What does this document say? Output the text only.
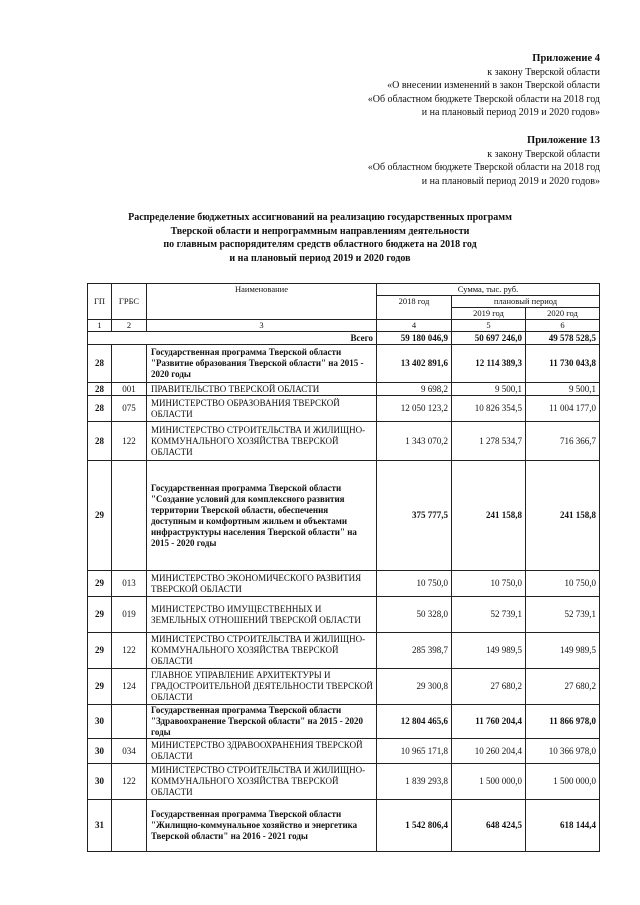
Приложение 4
к закону Тверской области
«О внесении изменений в закон Тверской области
«Об областном бюджете Тверской области на 2018 год
и на плановый период 2019 и 2020 годов»
Приложение 13
к закону Тверской области
«Об областном бюджете Тверской области на 2018 год
и на плановый период 2019 и 2020 годов»
Распределение бюджетных ассигнований на реализацию государственных программ
Тверской области и непрограммным направлениям деятельности
по главным распорядителям средств областного бюджета на 2018 год
и на плановый период 2019 и 2020 годов
ГП	ГРБС	Наименование	Сумма, тыс. руб.		
			2018 год	плановый период	
				2019 год	2020 год
1	2	3	4	5	6
Всего			59 180 046,9	50 697 246,0	49 578 528,5
28		Государственная программа Тверской области "Развитие образования Тверской области" на 2015 - 2020 годы	13 402 891,6	12 114 389,3	11 730 043,8
28	001	ПРАВИТЕЛЬСТВО ТВЕРСКОЙ ОБЛАСТИ	9 698,2	9 500,1	9 500,1
28	075	МИНИСТЕРСТВО ОБРАЗОВАНИЯ ТВЕРСКОЙ ОБЛАСТИ	12 050 123,2	10 826 354,5	11 004 177,0
28	122	МИНИСТЕРСТВО СТРОИТЕЛЬСТВА И ЖИЛИЩНО-КОММУНАЛЬНОГО ХОЗЯЙСТВА ТВЕРСКОЙ ОБЛАСТИ	1 343 070,2	1 278 534,7	716 366,7
29		Государственная программа Тверской области "Создание условий для комплексного развития территории Тверской области, обеспечения доступным и комфортным жильем и объектами инфраструктуры населения Тверской области" на 2015 - 2020 годы	375 777,5	241 158,8	241 158,8
29	013	МИНИСТЕРСТВО ЭКОНОМИЧЕСКОГО РАЗВИТИЯ ТВЕРСКОЙ ОБЛАСТИ	10 750,0	10 750,0	10 750,0
29	019	МИНИСТЕРСТВО ИМУЩЕСТВЕННЫХ И ЗЕМЕЛЬНЫХ ОТНОШЕНИЙ ТВЕРСКОЙ ОБЛАСТИ	50 328,0	52 739,1	52 739,1
29	122	МИНИСТЕРСТВО СТРОИТЕЛЬСТВА И ЖИЛИЩНО-КОММУНАЛЬНОГО ХОЗЯЙСТВА ТВЕРСКОЙ ОБЛАСТИ	285 398,7	149 989,5	149 989,5
29	124	ГЛАВНОЕ УПРАВЛЕНИЕ АРХИТЕКТУРЫ И ГРАДОСТРОИТЕЛЬНОЙ ДЕЯТЕЛЬНОСТИ ТВЕРСКОЙ ОБЛАСТИ	29 300,8	27 680,2	27 680,2
30		Государственная программа Тверской области "Здравоохранение Тверской области" на 2015 - 2020 годы	12 804 465,6	11 760 204,4	11 866 978,0
30	034	МИНИСТЕРСТВО ЗДРАВООХРАНЕНИЯ ТВЕРСКОЙ ОБЛАСТИ	10 965 171,8	10 260 204,4	10 366 978,0
30	122	МИНИСТЕРСТВО СТРОИТЕЛЬСТВА И ЖИЛИЩНО-КОММУНАЛЬНОГО ХОЗЯЙСТВА ТВЕРСКОЙ ОБЛАСТИ	1 839 293,8	1 500 000,0	1 500 000,0
31		Государственная программа Тверской области "Жилищно-коммунальное хозяйство и энергетика Тверской области" на 2016 - 2021 годы	1 542 806,4	648 424,5	618 144,4
